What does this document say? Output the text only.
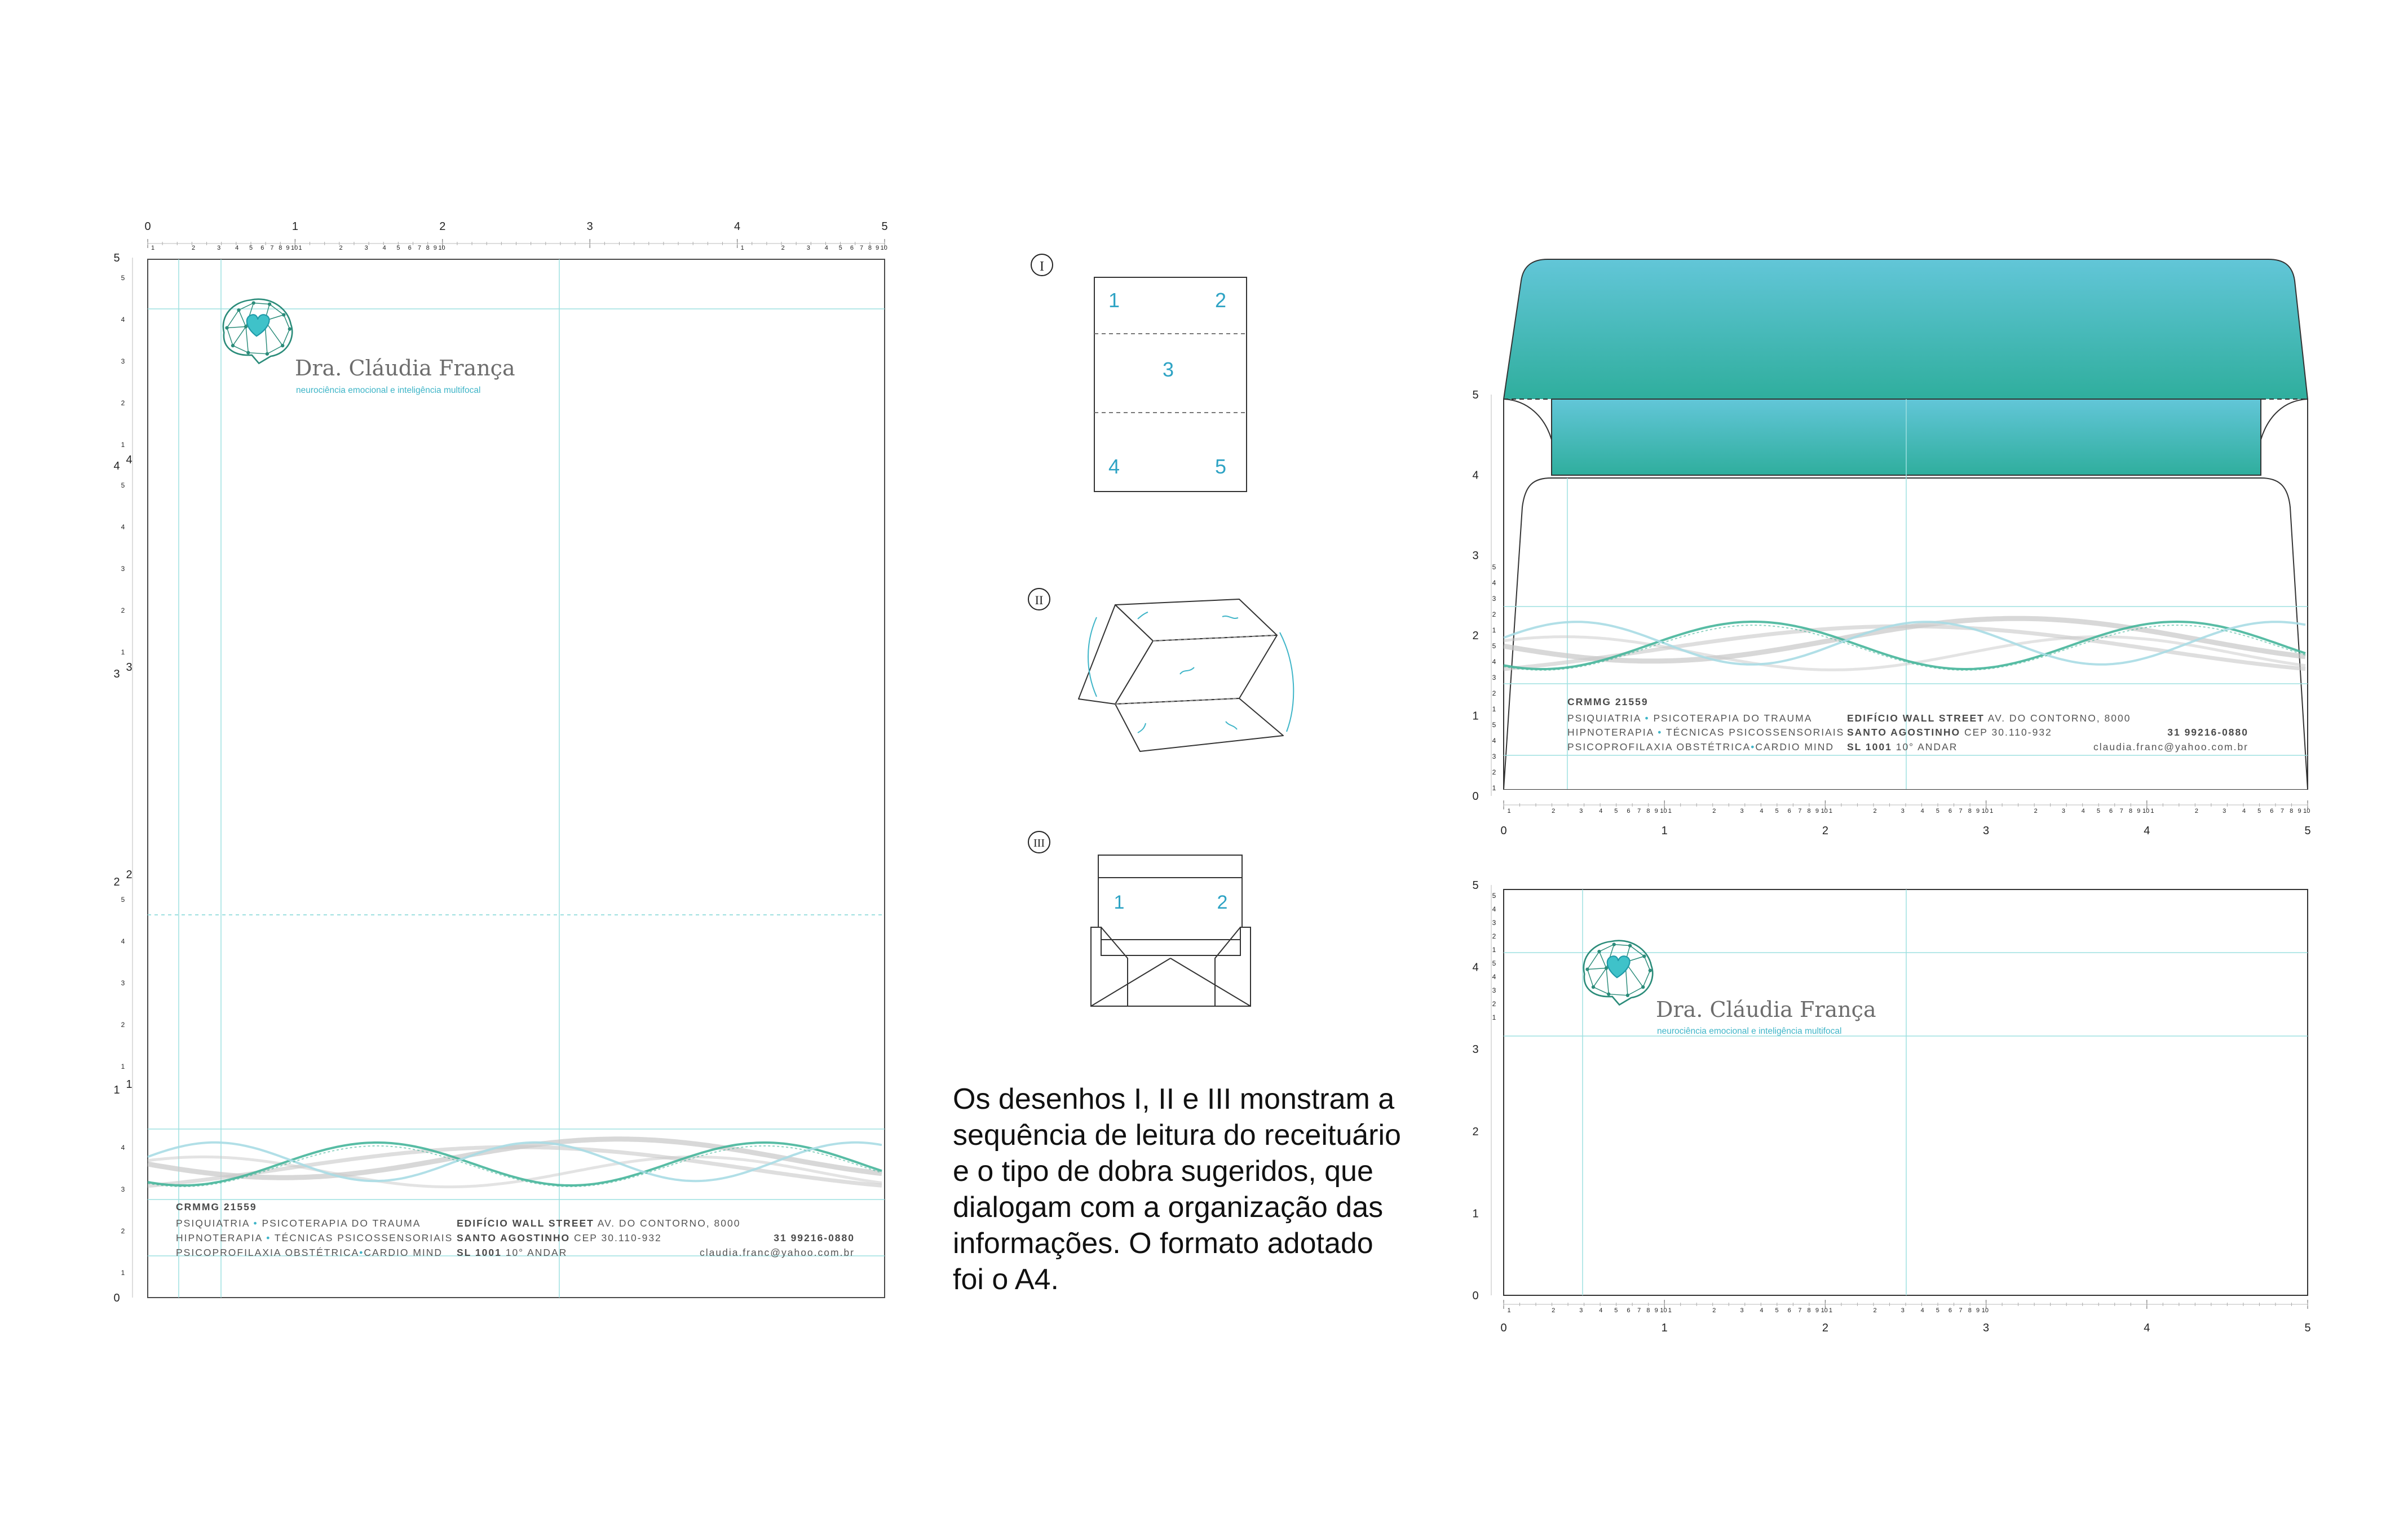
0	1	2	3	4	5
1	2	3 4 5 6 7 8 9 10 1	2	3 4 5 6 7 8 9 10	1	2	3 4 5 6 7 8 9 10
5
4
3
2
1
0
5
4
3
2
1
5
4
3
2
1
5
4
3
2
1
4
3
2
1
4
3
2
1
Dra. Cláudia França
neurociência emocional e inteligência multifocal
CRMMG 21559
PSIQUIATRIA • PSICOTERAPIA DO TRAUMA
HIPNOTERAPIA • TÉCNICAS PSICOSSENSORIAIS
PSICOPROFILAXIA OBSTÉTRICA•CARDIO MIND
EDIFÍCIO WALL STREET AV. DO CONTORNO, 8000
SANTO AGOSTINHO CEP 30.110-932
SL 1001 10° ANDAR
31 99216-0880
claudia.franc@yahoo.com.br
I
1	2
3
4	5
II
III
1	2
5
4
3
2
1
0
5
4
3
2
1
5
4
3
2
1
5
4
3
2
1
0	1	2	3	4	5
1	2	3	4 5 6 7 8 9 10 1	2	3	4 5 6 7 8 9 10 1	2	3	4 5 6 7 8 9 10 1	2	3	4 5 6 7 8 9 10 1	2	3	4 5 6 7 8 9 10
CRMMG 21559
PSIQUIATRIA • PSICOTERAPIA DO TRAUMA
HIPNOTERAPIA • TÉCNICAS PSICOSSENSORIAIS
PSICOPROFILAXIA OBSTÉTRICA•CARDIO MIND
EDIFÍCIO WALL STREET AV. DO CONTORNO, 8000
SANTO AGOSTINHO CEP 30.110-932
SL 1001 10° ANDAR
31 99216-0880
claudia.franc@yahoo.com.br
5
4
3
2
1
0
5
4
3
2
1
5
4
3
2
1
0	1	2	3	4	5
1	2	3	4 5 6 7 8 9 10 1	2	3	4 5 6 7 8 9 10 1	2	3	4 5 6 7 8 9 10
Dra. Cláudia França
neurociência emocional e inteligência multifocal
Os desenhos I, II e III monstram a
sequência de leitura do receituário
e o tipo de dobra sugeridos, que
dialogam com a organização das
informações. O formato adotado
foi o A4.
